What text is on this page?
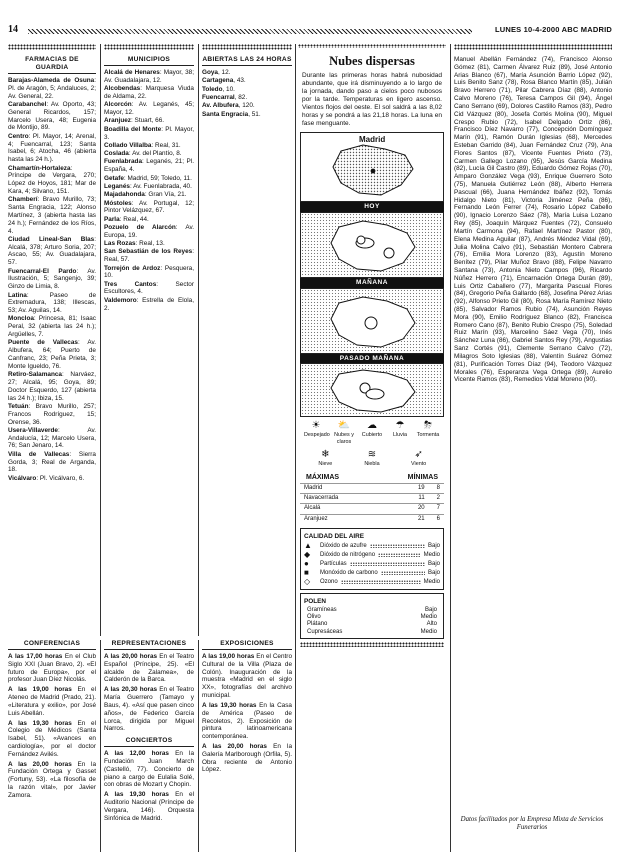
14	LUNES 10-4-2000 ABC MADRID
FARMACIAS DE GUARDIA

Barajas-Alameda de Osuna: Pl. de Aragón, 5; Andaluces, 2; Av. General, 22.

Carabanchel: Av. Oporto, 43; General Ricardos, 157; Marcelo Usera, 48; Eugenia de Montijo, 89.

Centro: Pl. Mayor, 14; Arenal, 4; Fuencarral, 123; Santa Isabel, 6; Atocha, 46 (abierta hasta las 24 h.).

Chamartín-Hortaleza: Príncipe de Vergara, 270; López de Hoyos, 181; Mar de Kara, 4; Silvano, 151.

Chamberí: Bravo Murillo, 73; Santa Engracia, 122; Alonso Martínez, 3 (abierta hasta las 24 h.); Fernández de los Ríos, 4.

Ciudad Lineal-San Blas: Alcalá, 378; Arturo Soria, 207; Ascao, 55; Av. Guadalajara, 57.

Fuencarral-El Pardo: Av. Ilustración, 5; Sangenjo, 39; Ginzo de Limia, 8.

Latina: Paseo de Extremadura, 138; Illescas, 53; Av. Aguilas, 14.

Moncloa: Princesa, 81; Isaac Peral, 32 (abierta las 24 h.); Argüelles, 7.

Puente de Vallecas: Av. Albufera, 64; Puerto de Canfranc, 23; Peña Prieta, 3; Monte Igueldo, 76.

Retiro-Salamanca: Narváez, 27; Alcalá, 95; Goya, 89; Doctor Esquerdo, 127 (abierta las 24 h.); Ibiza, 15.

Tetuán: Bravo Murillo, 257; Francos Rodríguez, 15; Orense, 36.

Usera-Villaverde: Av. Andalucía, 12; Marcelo Usera, 76; San Jenaro, 14.

Villa de Vallecas: Sierra Gorda, 3; Real de Arganda, 18.

Vicálvaro: Pl. Vicálvaro, 6.

MUNICIPIOS

Alcalá de Henares: Mayor, 38; Av. Guadalajara, 12.

Alcobendas: Marquesa Viuda de Aldama, 22.

Alcorcón: Av. Leganés, 45; Mayor, 12.

Aranjuez: Stuart, 66.

Boadilla del Monte: Pl. Mayor, 3.

Collado Villalba: Real, 31.

Coslada: Av. del Plantío, 8.

Fuenlabrada: Leganés, 21; Pl. España, 4.

Getafe: Madrid, 59; Toledo, 11.

Leganés: Av. Fuenlabrada, 40.

Majadahonda: Gran Vía, 21.

Móstoles: Av. Portugal, 12; Pintor Velázquez, 67.

Parla: Real, 44.

Pozuelo de Alarcón: Av. Europa, 19.

Las Rozas: Real, 13.

San Sebastián de los Reyes: Real, 57.

Torrejón de Ardoz: Pesquera, 10.

Tres Cantos: Sector Escultores, 4.

Valdemoro: Estrella de Elola, 2.

ABIERTAS LAS 24 HORAS

Goya, 12.

Cartagena, 43.

Toledo, 10.

Fuencarral, 82.

Av. Albufera, 120.

Santa Engracia, 51.

CONFERENCIAS

A las 17,00 horas En el Club Siglo XXI (Juan Bravo, 2). «El futuro de Europa», por el profesor Juan Díez Nicolás.

A las 19,00 horas En el Ateneo de Madrid (Prado, 21). «Literatura y exilio», por José Luis Abellán.

A las 19,30 horas En el Colegio de Médicos (Santa Isabel, 51). «Avances en cardiología», por el doctor Fernández Avilés.

A las 20,00 horas En la Fundación Ortega y Gasset (Fortuny, 53). «La filosofía de la razón vital», por Javier Zamora.

REPRESENTACIONES

A las 20,00 horas En el Teatro Español (Príncipe, 25). «El alcalde de Zalamea», de Calderón de la Barca.

A las 20,30 horas En el Teatro María Guerrero (Tamayo y Baus, 4). «Así que pasen cinco años», de Federico García Lorca, dirigida por Miguel Narros.

CONCIERTOS

A las 12,00 horas En la Fundación Juan March (Castelló, 77). Concierto de piano a cargo de Eulalia Solé, con obras de Mozart y Chopin.

A las 19,30 horas En el Auditorio Nacional (Príncipe de Vergara, 146). Orquesta Sinfónica de Madrid.

EXPOSICIONES

A las 19,00 horas En el Centro Cultural de la Villa (Plaza de Colón). Inauguración de la muestra «Madrid en el siglo XX», fotografías del archivo municipal.

A las 19,30 horas En la Casa de América (Paseo de Recoletos, 2). Exposición de pintura latinoamericana contemporánea.

A las 20,00 horas En la Galería Marlborough (Orfila, 5). Obra reciente de Antonio López.

Nubes dispersas
Durante las primeras horas habrá nubosidad abundante, que irá disminuyendo a lo largo de la jornada, dando paso a cielos poco nubosos por la tarde. Temperaturas en ligero ascenso. Vientos flojos del oeste. El sol saldrá a las 8,02 horas y se pondrá a las 21,18 horas. La luna en fase menguante.
Madrid
HOY
MAÑANA
PASADO MAÑANA
☀
Despejado
⛅
Nubes y claros
☁
Cubierto
☂
Lluvia
⛈
Tormenta
❄
Nieve
≋
Niebla
➶
Viento
MÁXIMAS	MÍNIMAS
Madrid	19 8
Navacerrada	11 2
Alcalá	20 7
Aranjuez	21 6
CALIDAD DEL AIRE
▲	Dióxido de azufre	Bajo
◆	Dióxido de nitrógeno	Medio
●	Partículas	Bajo
■	Monóxido de carbono	Bajo
◇	Ozono	Medio
POLEN
Gramíneas	Bajo
Olivo	Medio
Plátano	Alto
Cupresáceas	Medio

Manuel Abellán Fernández (74), Francisco Alonso Gómez (81), Carmen Álvarez Ruiz (89), José Antonio Arias Blanco (67), María Asunción Barrio López (92), Luis Benito Sanz (78), Rosa Blanco Martín (85), Julián Bravo Herrero (71), Pilar Cabrera Díaz (88), Antonio Calvo Moreno (76), Teresa Campos Gil (94), Ángel Cano Serrano (69), Dolores Castillo Ramos (83), Pedro Cid Vázquez (80), Josefa Cortés Molina (90), Miguel Crespo Rubio (72), Isabel Delgado Ortiz (86), Francisco Díez Navarro (77), Concepción Domínguez Marín (91), Ramón Durán Iglesias (68), Mercedes Esteban Garrido (84), Juan Fernández Cruz (79), Ana Flores Santos (87), Vicente Fuentes Prieto (73), Carmen Gallego Lozano (95), Jesús García Medina (82), Lucía Gil Castro (89), Eduardo Gómez Rojas (70), Amparo González Vega (93), Enrique Guerrero Soto (75), Manuela Gutiérrez León (88), Alberto Herrera Pascual (66), Juana Hernández Ibáñez (92), Tomás Hidalgo Nieto (81), Victoria Jiménez Peña (86), Fernando León Ferrer (74), Rosario López Cabello (90), Ignacio Lorenzo Sáez (78), María Luisa Lozano Rey (85), Joaquín Márquez Fuentes (72), Consuelo Martín Carmona (94), Rafael Martínez Pastor (80), Elena Medina Aguilar (87), Andrés Méndez Vidal (69), Julia Molina Calvo (91), Sebastián Montero Cabrera (76), Emilia Mora Lorenzo (83), Agustín Moreno Benítez (79), Pilar Muñoz Bravo (88), Felipe Navarro Santana (73), Antonia Nieto Campos (96), Ricardo Núñez Herrero (71), Encarnación Ortega Durán (89), Luis Ortiz Caballero (77), Margarita Pascual Flores (84), Gregorio Peña Gallardo (68), Josefina Pérez Arias (92), Alfonso Prieto Gil (80), Rosa María Ramírez Nieto (85), Salvador Ramos Rubio (74), Asunción Reyes Mora (90), Emilio Rodríguez Blanco (82), Francisca Romero Cano (87), Benito Rubio Crespo (75), Soledad Ruiz Marín (93), Marcelino Sáez Vega (70), Inés Sánchez Luna (86), Gabriel Santos Rey (79), Angustias Sanz Cortés (91), Clemente Serrano Calvo (72), Milagros Soto Iglesias (88), Valentín Suárez Gómez (81), Purificación Torres Díaz (94), Teodoro Vázquez Morales (76), Esperanza Vega Ortega (89), Aurelio Vicente Ramos (83), Remedios Vidal Moreno (90).

Datos facilitados por la Empresa Mixta de Servicios Funerarios
